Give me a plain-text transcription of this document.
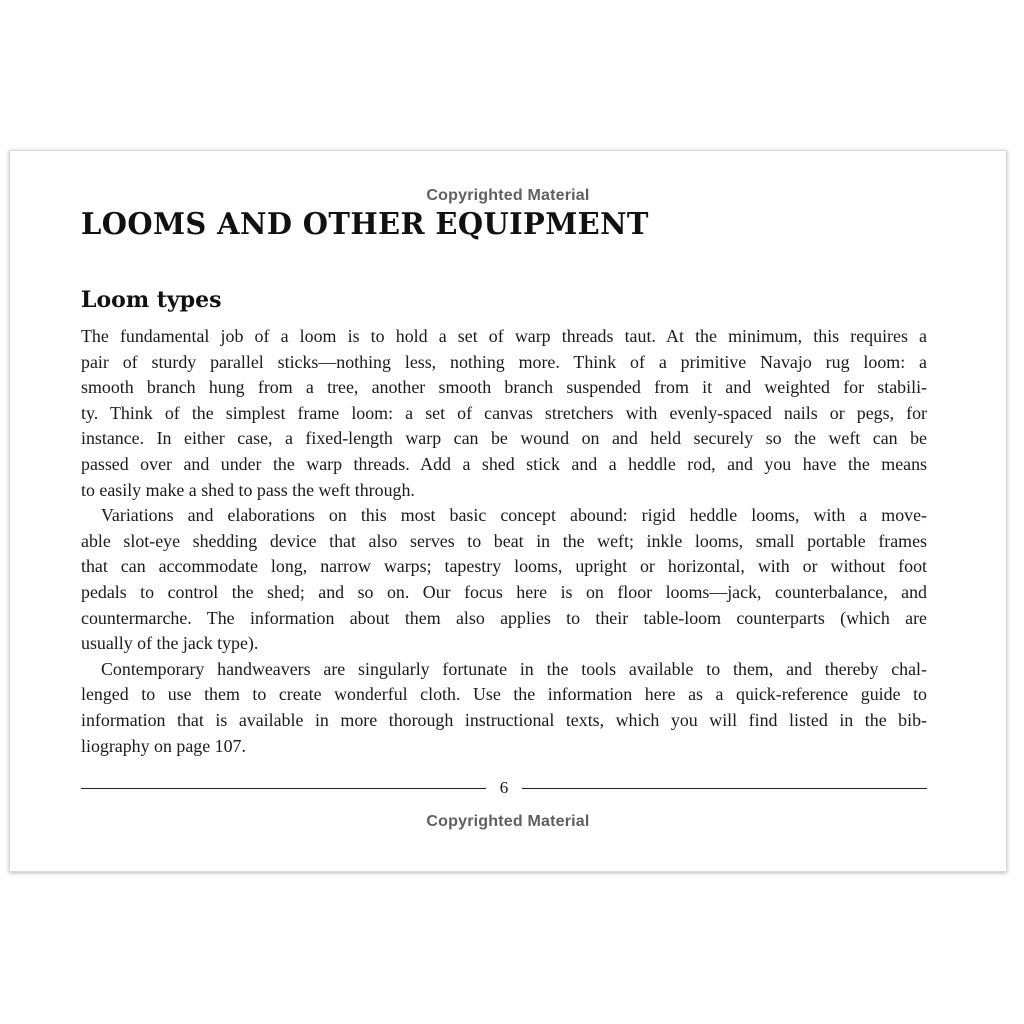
Copyrighted Material
LOOMS AND OTHER EQUIPMENT
Loom types

The fundamental job of a loom is to hold a set of warp threads taut. At the minimum, this requires a
pair of sturdy parallel sticks—nothing less, nothing more. Think of a primitive Navajo rug loom: a
smooth branch hung from a tree, another smooth branch suspended from it and weighted for stabili-
ty. Think of the simplest frame loom: a set of canvas stretchers with evenly-spaced nails or pegs, for
instance. In either case, a fixed-length warp can be wound on and held securely so the weft can be
passed over and under the warp threads. Add a shed stick and a heddle rod, and you have the means
to easily make a shed to pass the weft through.

Variations and elaborations on this most basic concept abound: rigid heddle looms, with a move-
able slot-eye shedding device that also serves to beat in the weft; inkle looms, small portable frames
that can accommodate long, narrow warps; tapestry looms, upright or horizontal, with or without foot
pedals to control the shed; and so on. Our focus here is on floor looms—jack, counterbalance, and
countermarche. The information about them also applies to their table-loom counterparts (which are
usually of the jack type).

Contemporary handweavers are singularly fortunate in the tools available to them, and thereby chal-
lenged to use them to create wonderful cloth. Use the information here as a quick-reference guide to
information that is available in more thorough instructional texts, which you will find listed in the bib-
liography on page 107.

6
Copyrighted Material
